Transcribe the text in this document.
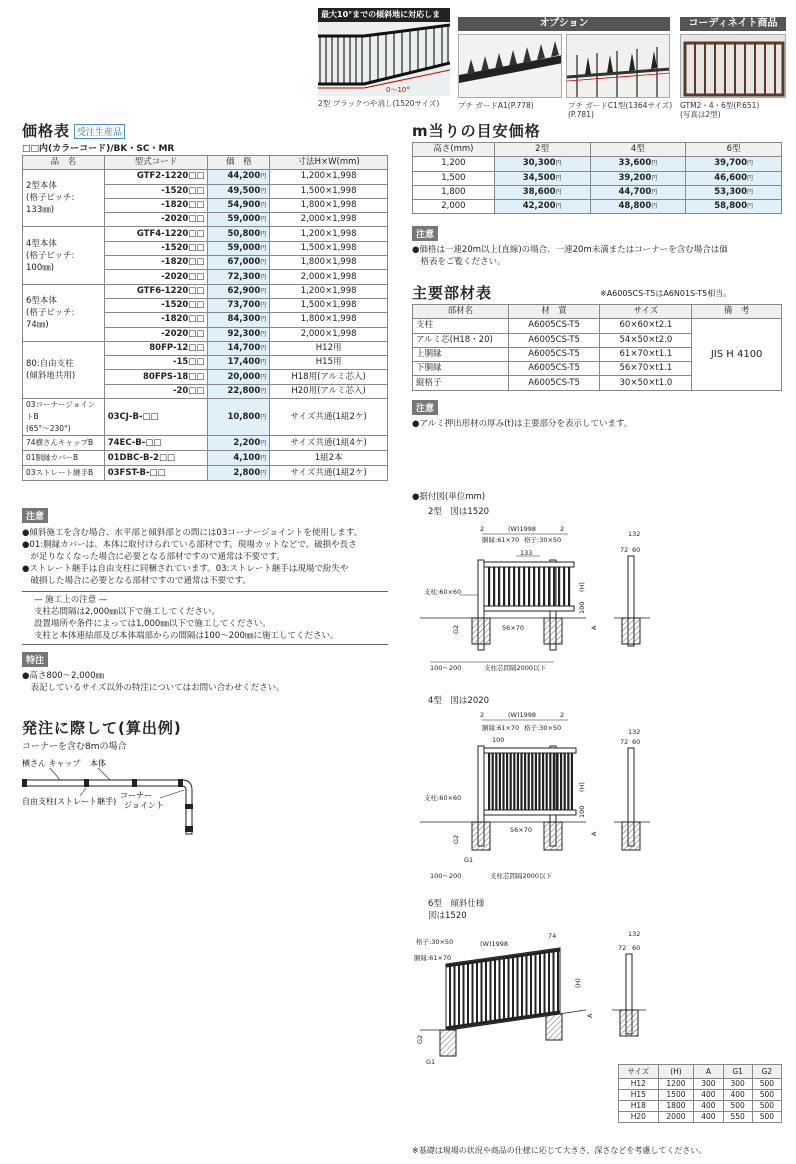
最大10°までの傾斜地に対応しま
0～10°
2型 ブラックつや消し(1520サイズ)
オプション	コーディネイト商品
プチ ガードA1(P.778)	プチ ガードC1型(1364サイズ)
(P.781)
GTM2・4・6型(P.651)
(写真は2型)
価格表 受注生産品
□□内(カラーコード)/BK・SC・MR
品　名	型式コード	価　格	寸法H×W(mm)
2型本体
(格子ピッチ:
133㎜)	GTF2-1220□□	44,200円	1,200×1,998
	-1520□□	49,500円	1,500×1,998
	-1820□□	54,900円	1,800×1,998
	-2020□□	59,000円	2,000×1,998
4型本体
(格子ピッチ:
100㎜)	GTF4-1220□□	50,800円	1,200×1,998
	-1520□□	59,000円	1,500×1,998
	-1820□□	67,000円	1,800×1,998
	-2020□□	72,300円	2,000×1,998
6型本体
(格子ピッチ:
74㎜)	GTF6-1220□□	62,900円	1,200×1,998
	-1520□□	73,700円	1,500×1,998
	-1820□□	84,300円	1,800×1,998
	-2020□□	92,300円	2,000×1,998
80:自由支柱
(傾斜地共用)	80FP-12□□	14,700円	H12用
	-15□□	17,400円	H15用
	80FPS-18□□	20,000円	H18用(アルミ芯入)
	-20□□	22,800円	H20用(アルミ芯入)
03コーナージョイントB
(65°～230°)	03CJ-B-□□	10,800円	サイズ共通(1組2ケ)
74横さんキャップB	74EC-B-□□	2,200円	サイズ共通(1組4ケ)
01胴縁カバーB	01DBC-B-2□□	4,100円	1組2本
03ストレート継手B	03FST-B-□□	2,800円	サイズ共通(1組2ケ)
注意
●傾斜施工を含む場合、水平部と傾斜部との間には03コーナージョイントを使用します。
●01:胴縁カバーは、本体に取付けられている部材です。現場カットなどで、破損や長さ
　が足りなくなった場合に必要となる部材ですので通常は不要です。
●ストレート継手は自由支柱に同梱されています。03:ストレート継手は現場で紛失や
　破損した場合に必要となる部材ですので通常は不要です。
— 施工上の注意 —
支柱芯間隔は2,000㎜以下で施工してください。
設置場所や条件によっては1,000㎜以下で施工してください。
支柱と本体連結部及び本体端部からの間隔は100～200㎜に施工してください。
特注
●高さ800～2,000㎜
　表記しているサイズ以外の特注についてはお問い合わせください。
発注に際して(算出例)
コーナーを含む8mの場合
横さん キャップ 本体
自由支柱(ストレート継手)
コーナー
ジョイント
m当りの目安価格
高さ(mm)	2型	4型	6型
1,200	30,300円	33,600円	39,700円
1,500	34,500円	39,200円	46,600円
1,800	38,600円	44,700円	53,300円
2,000	42,200円	48,800円	58,800円
注意
●価格は一連20m以上(直線)の場合、一連20m未満またはコーナーを含む場合は価
　格表をご覧ください。
主要部材表	※A6005CS-T5はA6N01S-T5相当。
部材名	材　質	サイズ	備　考
支柱	A6005CS-T5	60×60×t2.1	JIS H 4100
アルミ芯(H18・20)	A6005CS-T5	54×50×t2.0	
上胴縁	A6005CS-T5	61×70×t1.1	
下胴縁	A6005CS-T5	56×70×t1.1	
縦格子	A6005CS-T5	30×50×t1.0	
注意
●アルミ押出形材の厚み(t)は主要部分を表示しています。
●据付図(単位mm)
2型　図は1520
4型　図は2020
6型　傾斜仕様
図は1520
(W)1998
2	2
胴縁:61×70 格子:30×50
133
支柱:60×60
56×70
(H)
100
A
G2
100～200	支柱芯間隔2000以下
132
72 60
(W)1998
2	2
胴縁:61×70 格子:30×50
100
支柱:60×60
56×70
(H)
100
A
G2
G1
100～200	支柱芯間隔2000以下
132
72 60
格子:30×50	(W)1998
74
胴縁:61×70
(H)
A
G2
G1
132
72 60
サイズ	(H)	A	G1	G2
H12	1200	300	300	500
H15	1500	400	400	500
H18	1800	400	500	500
H20	2000	400	550	500
※基礎は現場の状況や商品の仕様に応じて大きさ、深さなどを考慮してください。
